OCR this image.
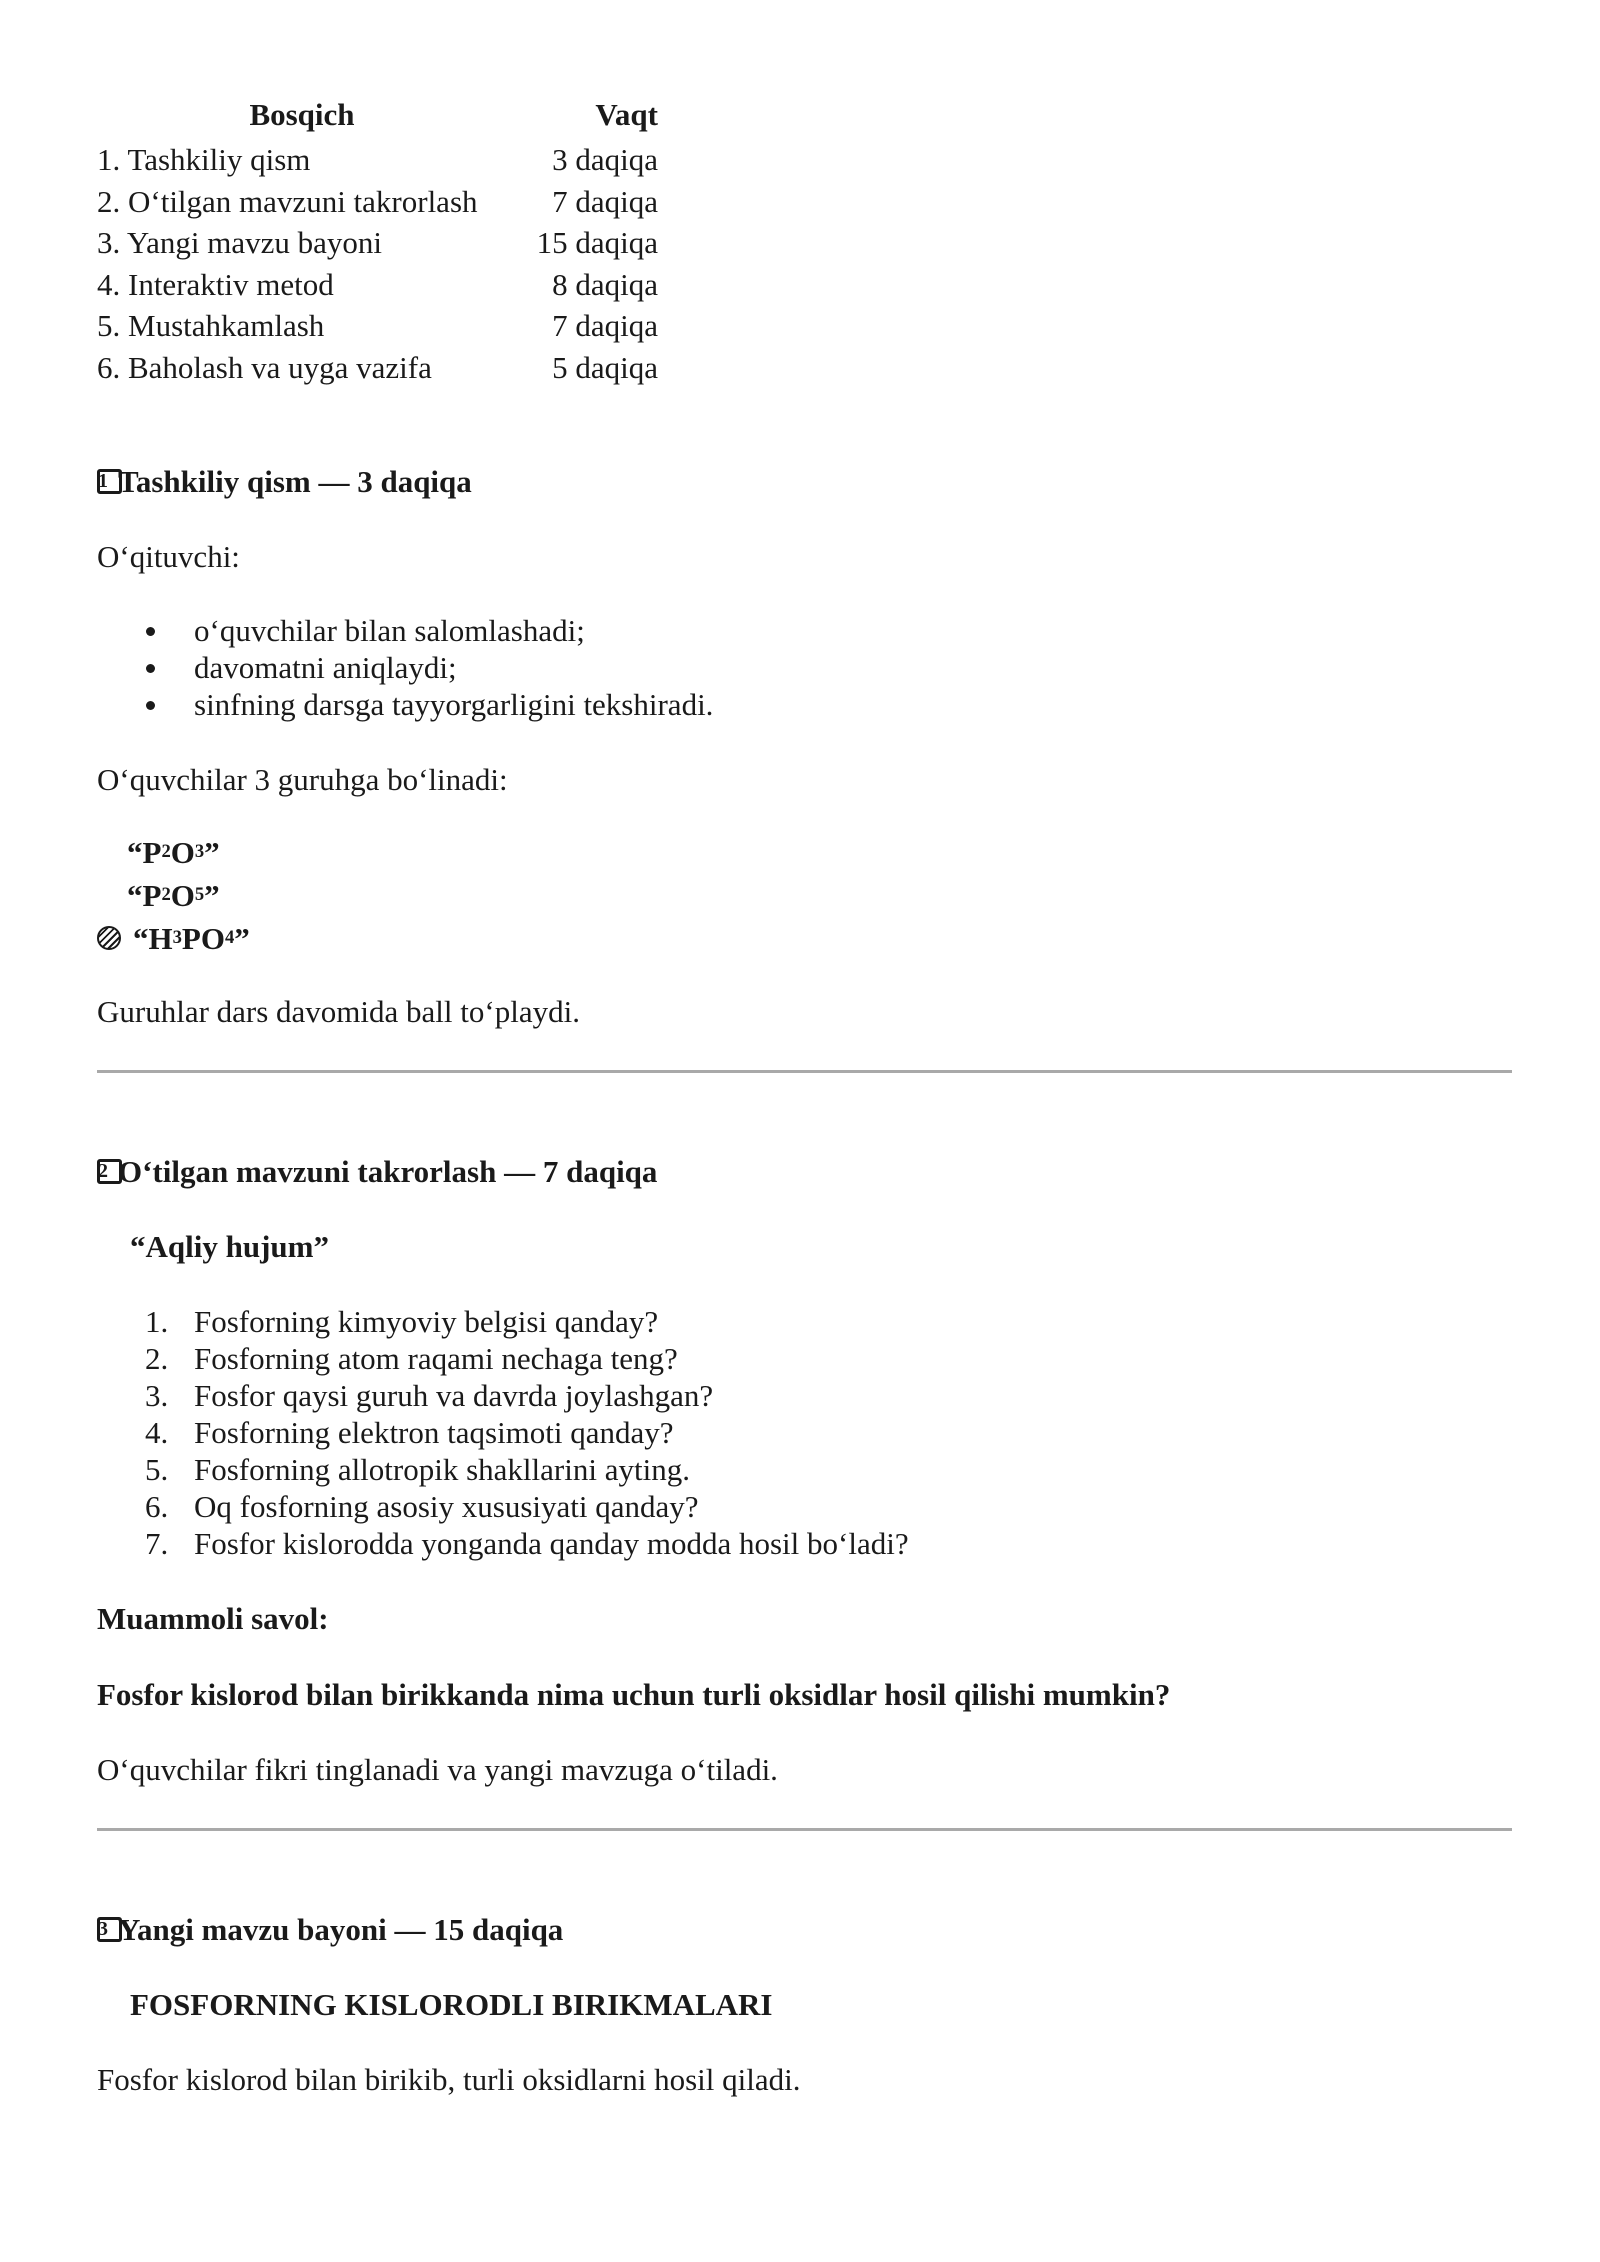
Bosqich	Vaqt
1. Tashkiliy qism	3 daqiqa
2. O‘tilgan mavzuni takrorlash	7 daqiqa
3. Yangi mavzu bayoni	15 daqiqa
4. Interaktiv metod	8 daqiqa
5. Mustahkamlash	7 daqiqa
6. Baholash va uyga vazifa	5 daqiqa
1 Tashkiliy qism — 3 daqiqa

O‘qituvchi:

o‘quvchilar bilan salomlashadi;
davomatni aniqlaydi;
sinfning darsga tayyorgarligini tekshiradi.

O‘quvchilar 3 guruhga bo‘linadi:

“P 2 O 3 ”
“P 2 O 5 ”
“H 3 PO 4 ”

Guruhlar dars davomida ball to‘playdi.

2 O‘tilgan mavzuni takrorlash — 7 daqiqa

“Aqliy hujum”

1. Fosforning kimyoviy belgisi qanday?
2. Fosforning atom raqami nechaga teng?
3. Fosfor qaysi guruh va davrda joylashgan?
4. Fosforning elektron taqsimoti qanday?
5. Fosforning allotropik shakllarini ayting.
6. Oq fosforning asosiy xususiyati qanday?
7. Fosfor kislorodda yonganda qanday modda hosil bo‘ladi?

Muammoli savol:

Fosfor kislorod bilan birikkanda nima uchun turli oksidlar hosil qilishi mumkin?

O‘quvchilar fikri tinglanadi va yangi mavzuga o‘tiladi.

3 Yangi mavzu bayoni — 15 daqiqa

FOSFORNING KISLORODLI BIRIKMALARI

Fosfor kislorod bilan birikib, turli oksidlarni hosil qiladi.
